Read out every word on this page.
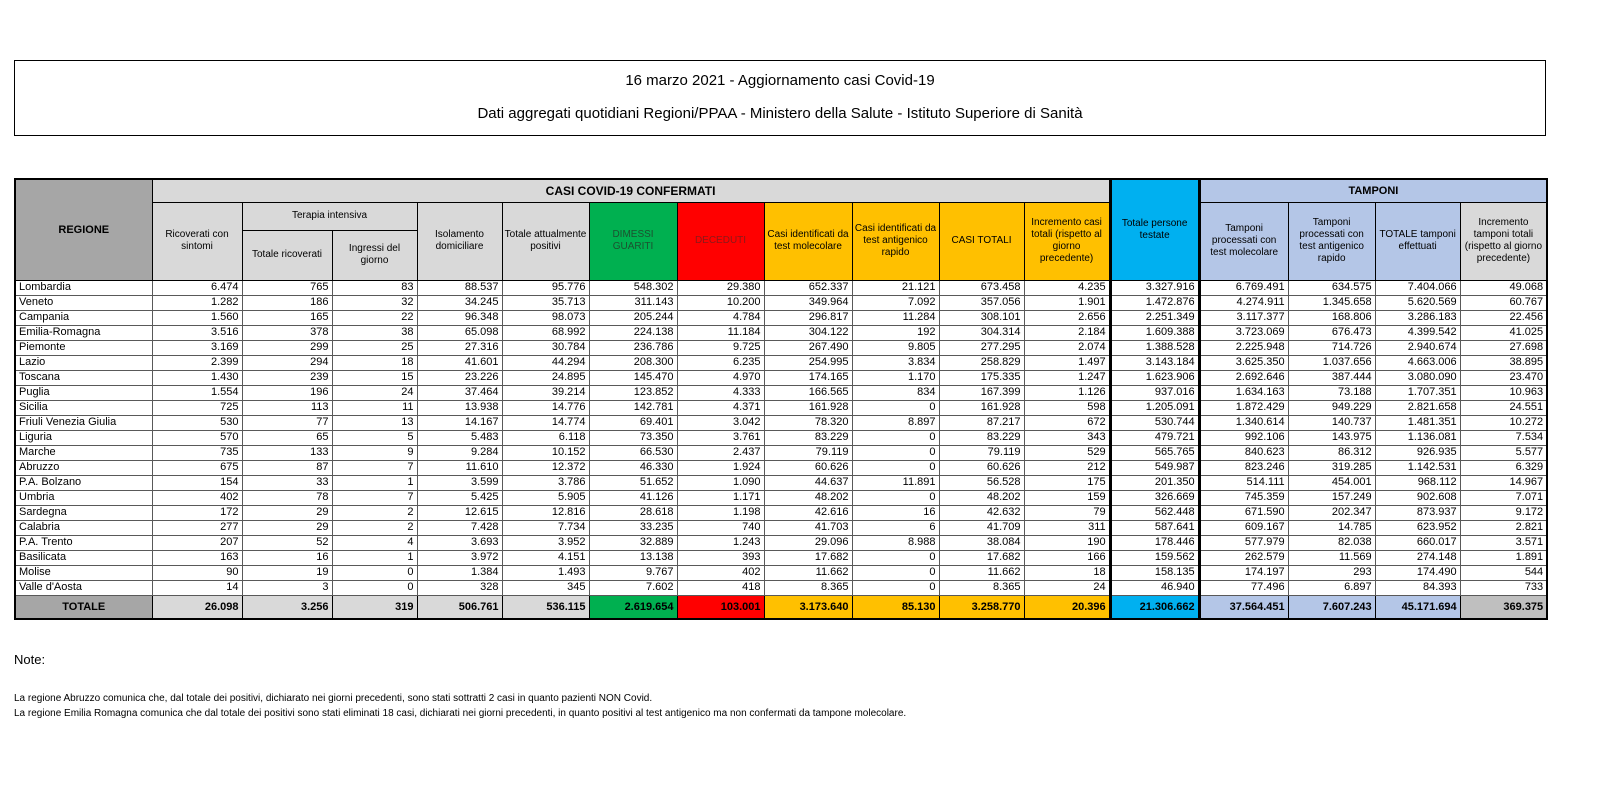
16 marzo 2021 - Aggiornamento casi Covid-19
Dati aggregati quotidiani Regioni/PPAA - Ministero della Salute - Istituto Superiore di Sanità
REGIONE	CASI COVID-19 CONFERMATI											Totale persone testate	TAMPONI			
	Ricoverati con sintomi	Terapia intensiva		Isolamento domiciliare	Totale attualmente positivi	DIMESSI GUARITI	DECEDUTI	Casi identificati da test molecolare	Casi identificati da test antigenico rapido	CASI TOTALI	Incremento casi totali (rispetto al giorno precedente)		Tamponi processati con test molecolare	Tamponi processati con test antigenico rapido	TOTALE tamponi effettuati	Incremento tamponi totali (rispetto al giorno precedente)
		Totale ricoverati	Ingressi del giorno													
Lombardia	6.474	765	83	88.537	95.776	548.302	29.380	652.337	21.121	673.458	4.235	3.327.916	6.769.491	634.575	7.404.066	49.068
Veneto	1.282	186	32	34.245	35.713	311.143	10.200	349.964	7.092	357.056	1.901	1.472.876	4.274.911	1.345.658	5.620.569	60.767
Campania	1.560	165	22	96.348	98.073	205.244	4.784	296.817	11.284	308.101	2.656	2.251.349	3.117.377	168.806	3.286.183	22.456
Emilia-Romagna	3.516	378	38	65.098	68.992	224.138	11.184	304.122	192	304.314	2.184	1.609.388	3.723.069	676.473	4.399.542	41.025
Piemonte	3.169	299	25	27.316	30.784	236.786	9.725	267.490	9.805	277.295	2.074	1.388.528	2.225.948	714.726	2.940.674	27.698
Lazio	2.399	294	18	41.601	44.294	208.300	6.235	254.995	3.834	258.829	1.497	3.143.184	3.625.350	1.037.656	4.663.006	38.895
Toscana	1.430	239	15	23.226	24.895	145.470	4.970	174.165	1.170	175.335	1.247	1.623.906	2.692.646	387.444	3.080.090	23.470
Puglia	1.554	196	24	37.464	39.214	123.852	4.333	166.565	834	167.399	1.126	937.016	1.634.163	73.188	1.707.351	10.963
Sicilia	725	113	11	13.938	14.776	142.781	4.371	161.928	0	161.928	598	1.205.091	1.872.429	949.229	2.821.658	24.551
Friuli Venezia Giulia	530	77	13	14.167	14.774	69.401	3.042	78.320	8.897	87.217	672	530.744	1.340.614	140.737	1.481.351	10.272
Liguria	570	65	5	5.483	6.118	73.350	3.761	83.229	0	83.229	343	479.721	992.106	143.975	1.136.081	7.534
Marche	735	133	9	9.284	10.152	66.530	2.437	79.119	0	79.119	529	565.765	840.623	86.312	926.935	5.577
Abruzzo	675	87	7	11.610	12.372	46.330	1.924	60.626	0	60.626	212	549.987	823.246	319.285	1.142.531	6.329
P.A. Bolzano	154	33	1	3.599	3.786	51.652	1.090	44.637	11.891	56.528	175	201.350	514.111	454.001	968.112	14.967
Umbria	402	78	7	5.425	5.905	41.126	1.171	48.202	0	48.202	159	326.669	745.359	157.249	902.608	7.071
Sardegna	172	29	2	12.615	12.816	28.618	1.198	42.616	16	42.632	79	562.448	671.590	202.347	873.937	9.172
Calabria	277	29	2	7.428	7.734	33.235	740	41.703	6	41.709	311	587.641	609.167	14.785	623.952	2.821
P.A. Trento	207	52	4	3.693	3.952	32.889	1.243	29.096	8.988	38.084	190	178.446	577.979	82.038	660.017	3.571
Basilicata	163	16	1	3.972	4.151	13.138	393	17.682	0	17.682	166	159.562	262.579	11.569	274.148	1.891
Molise	90	19	0	1.384	1.493	9.767	402	11.662	0	11.662	18	158.135	174.197	293	174.490	544
Valle d'Aosta	14	3	0	328	345	7.602	418	8.365	0	8.365	24	46.940	77.496	6.897	84.393	733
TOTALE	26.098	3.256	319	506.761	536.115	2.619.654	103.001	3.173.640	85.130	3.258.770	20.396	21.306.662	37.564.451	7.607.243	45.171.694	369.375
Note:
La regione Abruzzo comunica che, dal totale dei positivi, dichiarato nei giorni precedenti, sono stati sottratti 2 casi in quanto pazienti NON Covid.
La regione Emilia Romagna comunica che dal totale dei positivi sono stati eliminati 18 casi, dichiarati nei giorni precedenti, in quanto positivi al test antigenico ma non confermati da tampone molecolare.
